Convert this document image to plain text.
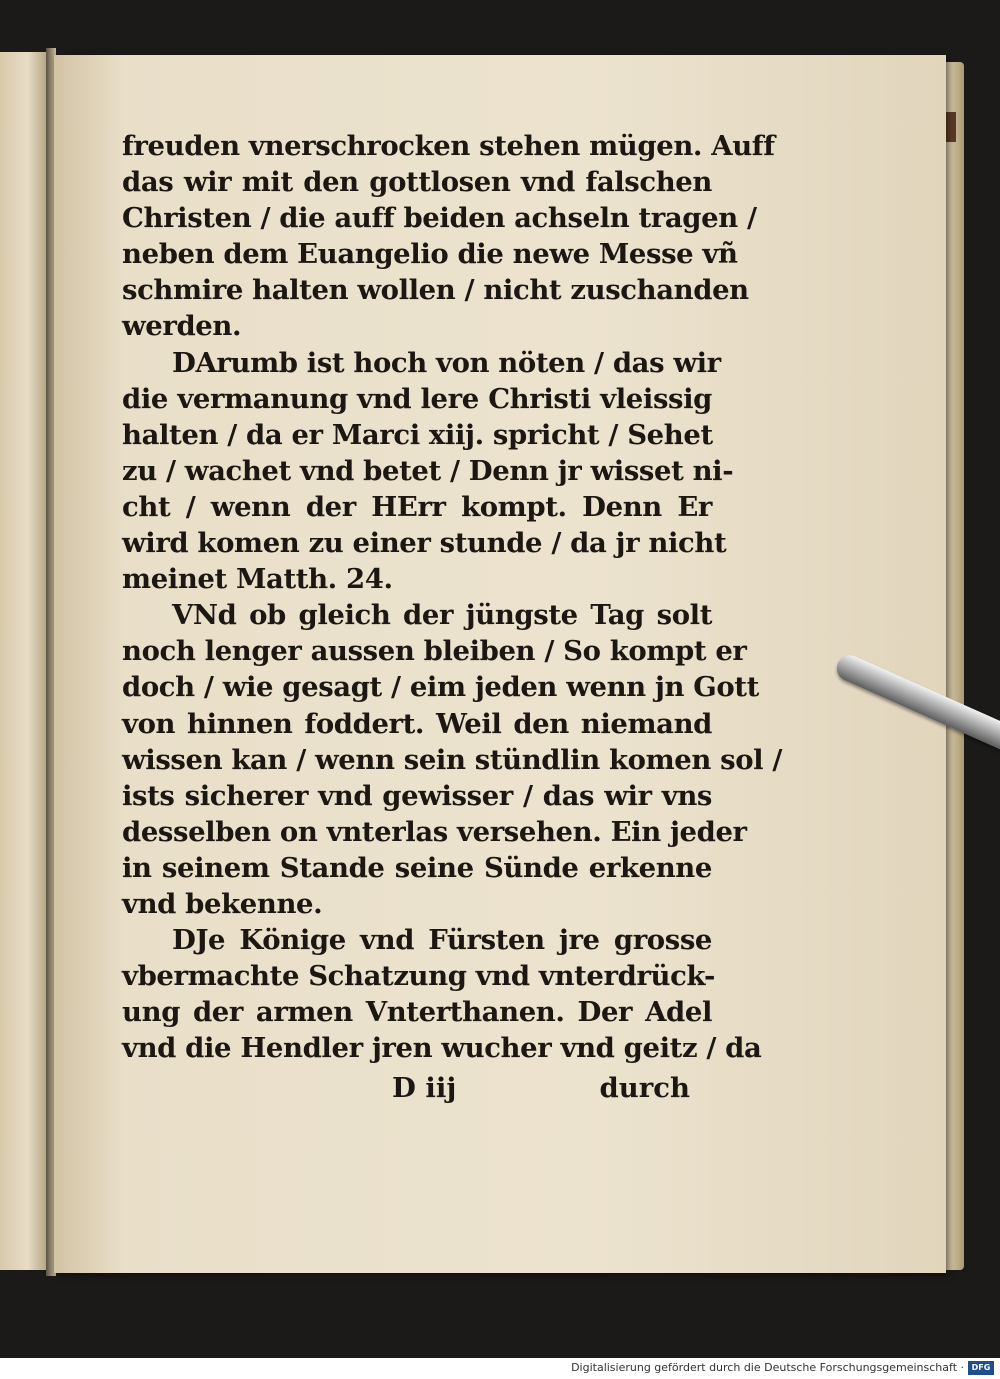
freuden vnerschrocken stehen mügen. Auff
das wir mit den gottlosen vnd falschen
Christen / die auff beiden achseln tragen /
neben dem Euangelio die newe Messe vñ
schmire halten wollen / nicht zuschanden
werden.
DArumb ist hoch von nöten / das wir
die vermanung vnd lere Christi vleissig
halten / da er Marci xiij. spricht / Sehet
zu / wachet vnd betet / Denn jr wisset ni-
cht / wenn der HErr kompt. Denn Er
wird komen zu einer stunde / da jr nicht
meinet Matth. 24.
VNd ob gleich der jüngste Tag solt
noch lenger aussen bleiben / So kompt er
doch / wie gesagt / eim jeden wenn jn Gott
von hinnen foddert. Weil den niemand
wissen kan / wenn sein stündlin komen sol /
ists sicherer vnd gewisser / das wir vns
desselben on vnterlas versehen. Ein jeder
in seinem Stande seine Sünde erkenne
vnd bekenne.
DJe Könige vnd Fürsten jre grosse
vbermachte Schatzung vnd vnterdrück-
ung der armen Vnterthanen. Der Adel
vnd die Hendler jren wucher vnd geitz / da
D iij	durch
Digitalisierung gefördert durch die Deutsche Forschungsgemeinschaft · DFG
